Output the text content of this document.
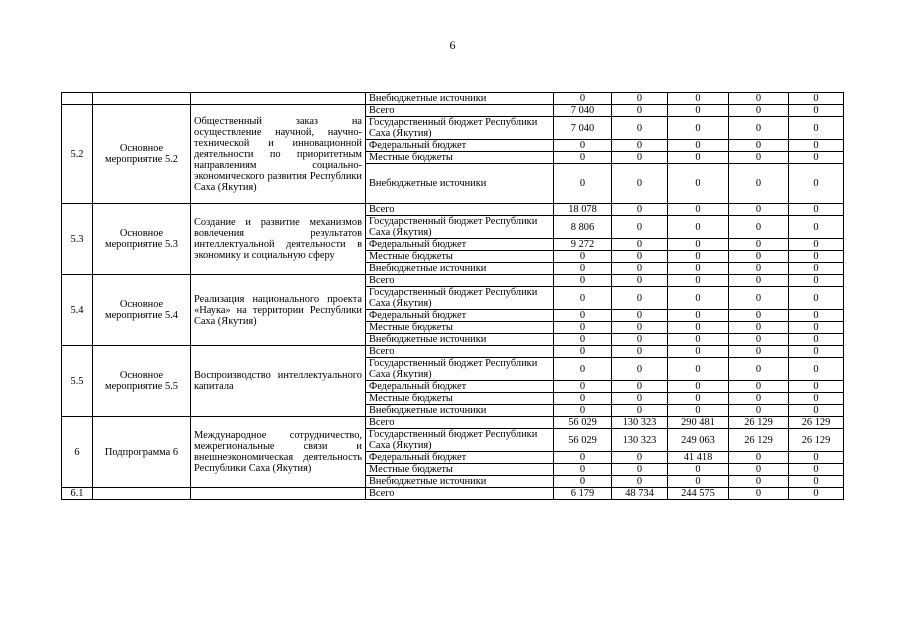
6
			Внебюджетные источники	0	0	0	0	0
5.2	Основное мероприятие 5.2	Общественный заказ на осуществление научной, научно-технической и инновационной деятельности по приоритетным направлениям социально-экономического развития Республики Саха (Якутия)	Всего	7 040	0	0	0	0
			Государственный бюджет Республики Саха (Якутия)	7 040	0	0	0	0
			Федеральный бюджет	0	0	0	0	0
			Местные бюджеты	0	0	0	0	0
			Внебюджетные источники	0	0	0	0	0
5.3	Основное мероприятие 5.3	Создание и развитие механизмов вовлечения результатов интеллектуальной деятельности в экономику и социальную сферу	Всего	18 078	0	0	0	0
			Государственный бюджет Республики Саха (Якутия)	8 806	0	0	0	0
			Федеральный бюджет	9 272	0	0	0	0
			Местные бюджеты	0	0	0	0	0
			Внебюджетные источники	0	0	0	0	0
5.4	Основное мероприятие 5.4	Реализация национального проекта «Наука» на территории Республики Саха (Якутия)	Всего	0	0	0	0	0
			Государственный бюджет Республики Саха (Якутия)	0	0	0	0	0
			Федеральный бюджет	0	0	0	0	0
			Местные бюджеты	0	0	0	0	0
			Внебюджетные источники	0	0	0	0	0
5.5	Основное мероприятие 5.5	Воспроизводство интеллектуального капитала	Всего	0	0	0	0	0
			Государственный бюджет Республики Саха (Якутия)	0	0	0	0	0
			Федеральный бюджет	0	0	0	0	0
			Местные бюджеты	0	0	0	0	0
			Внебюджетные источники	0	0	0	0	0
6	Подпрограмма 6	Международное сотрудничество, межрегиональные связи и внешнеэкономическая деятельность Республики Саха (Якутия)	Всего	56 029	130 323	290 481	26 129	26 129
			Государственный бюджет Республики Саха (Якутия)	56 029	130 323	249 063	26 129	26 129
			Федеральный бюджет	0	0	41 418	0	0
			Местные бюджеты	0	0	0	0	0
			Внебюджетные источники	0	0	0	0	0
6.1			Всего	6 179	48 734	244 575	0	0
